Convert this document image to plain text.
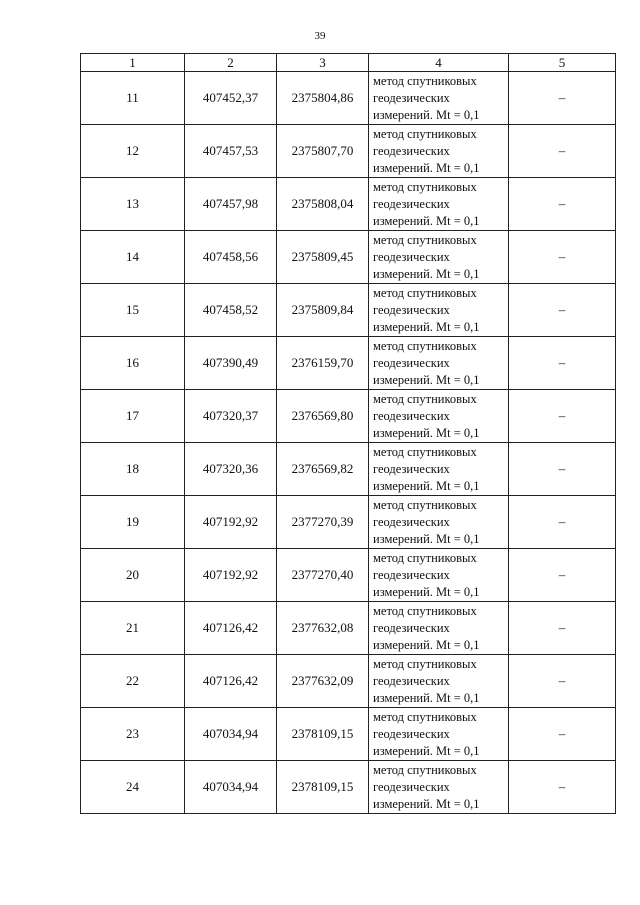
39
1	2	3	4	5
11	407452,37	2375804,86	метод спутниковых
геодезических
измерений. Mt = 0,1	–
12	407457,53	2375807,70	метод спутниковых
геодезических
измерений. Mt = 0,1	–
13	407457,98	2375808,04	метод спутниковых
геодезических
измерений. Mt = 0,1	–
14	407458,56	2375809,45	метод спутниковых
геодезических
измерений. Mt = 0,1	–
15	407458,52	2375809,84	метод спутниковых
геодезических
измерений. Mt = 0,1	–
16	407390,49	2376159,70	метод спутниковых
геодезических
измерений. Mt = 0,1	–
17	407320,37	2376569,80	метод спутниковых
геодезических
измерений. Mt = 0,1	–
18	407320,36	2376569,82	метод спутниковых
геодезических
измерений. Mt = 0,1	–
19	407192,92	2377270,39	метод спутниковых
геодезических
измерений. Mt = 0,1	–
20	407192,92	2377270,40	метод спутниковых
геодезических
измерений. Mt = 0,1	–
21	407126,42	2377632,08	метод спутниковых
геодезических
измерений. Mt = 0,1	–
22	407126,42	2377632,09	метод спутниковых
геодезических
измерений. Mt = 0,1	–
23	407034,94	2378109,15	метод спутниковых
геодезических
измерений. Mt = 0,1	–
24	407034,94	2378109,15	метод спутниковых
геодезических
измерений. Mt = 0,1	–
